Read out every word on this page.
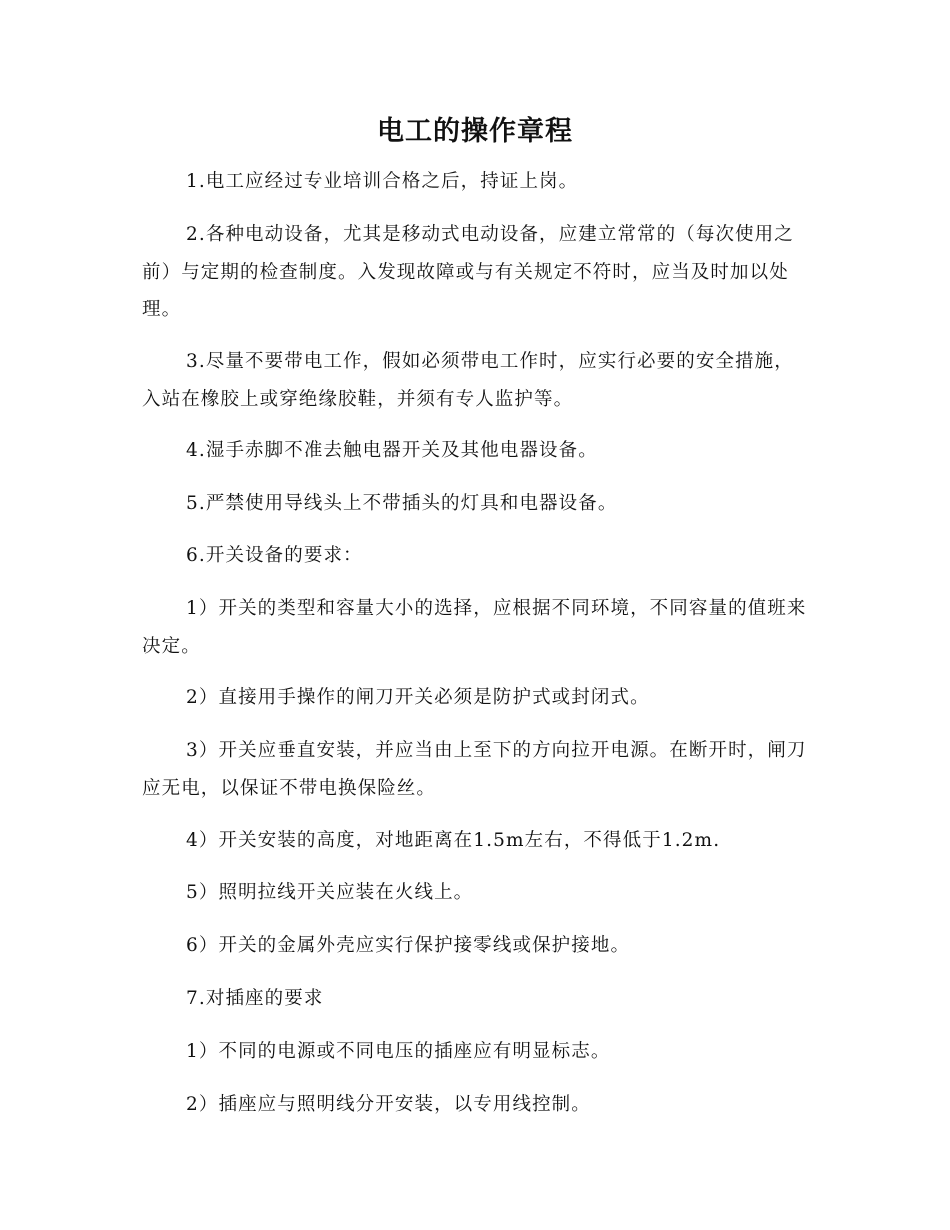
电工的操作章程

1.电工应经过专业培训合格之后，持证上岗。

2.各种电动设备，尤其是移动式电动设备，应建立常常的（每次使用之前）与定期的检查制度。入发现故障或与有关规定不符时，应当及时加以处理。

3.尽量不要带电工作，假如必须带电工作时，应实行必要的安全措施，入站在橡胶上或穿绝缘胶鞋，并须有专人监护等。

4.湿手赤脚不准去触电器开关及其他电器设备。

5.严禁使用导线头上不带插头的灯具和电器设备。

6.开关设备的要求：

1）开关的类型和容量大小的选择，应根据不同环境，不同容量的值班来决定。

2）直接用手操作的闸刀开关必须是防护式或封闭式。

3）开关应垂直安装，并应当由上至下的方向拉开电源。在断开时，闸刀应无电，以保证不带电换保险丝。

4）开关安装的高度，对地距离在1.5m左右，不得低于1.2m.

5）照明拉线开关应装在火线上。

6）开关的金属外壳应实行保护接零线或保护接地。

7.对插座的要求

1）不同的电源或不同电压的插座应有明显标志。

2）插座应与照明线分开安装，以专用线控制。
